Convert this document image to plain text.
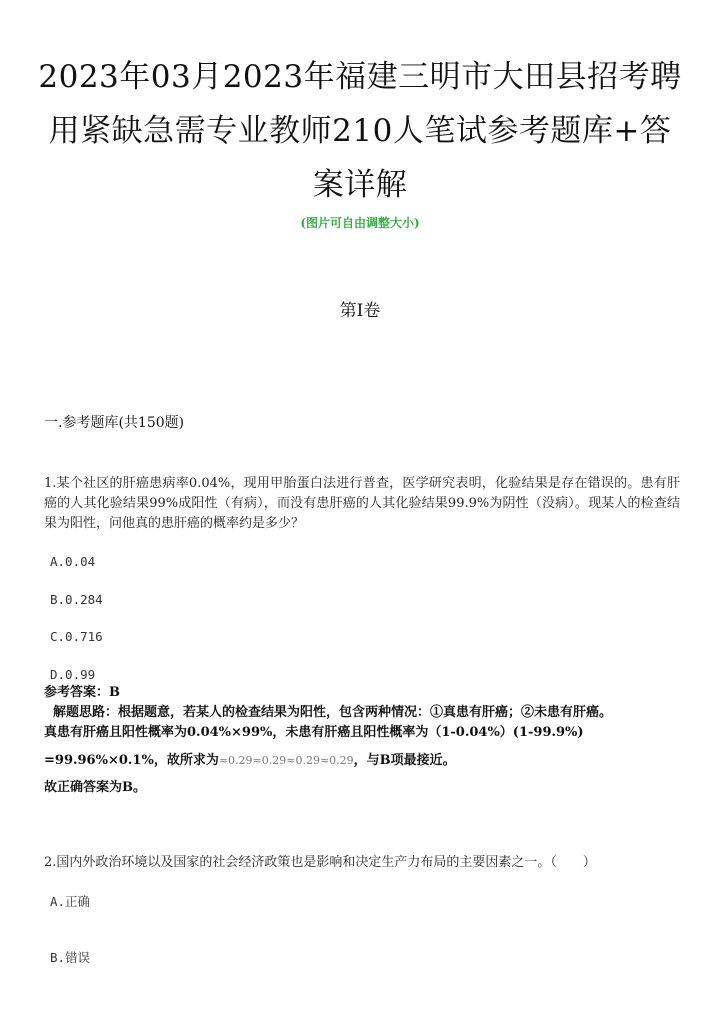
2023年03月2023年福建三明市大田县招考聘
用紧缺急需专业教师210人笔试参考题库+答
案详解
(图片可自由调整大小)
第I卷
一.参考题库(共150题)
1.某个社区的肝癌患病率0.04%，现用甲胎蛋白法进行普查，医学研究表明，化验结果是存在错误的。患有肝癌的人其化验结果99%成阳性（有病），而没有患肝癌的人其化验结果99.9%为阴性（没病）。现某人的检查结果为阳性，问他真的患肝癌的概率约是多少？
A.0.04
B.0.284
C.0.716
D.0.99
参考答案：B
解题思路：根据题意，若某人的检查结果为阳性，包含两种情况：①真患有肝癌；②未患有肝癌。
真患有肝癌且阳性概率为0.04%×99%，未患有肝癌且阳性概率为（1-0.04%）(1-99.9%)
=99.96%×0.1%，故所求为≈0.29≈0.29≈0.29≈0.29，与B项最接近。
故正确答案为B。
2.国内外政治环境以及国家的社会经济政策也是影响和决定生产力布局的主要因素之一。（　　）
A.正确
B.错误
